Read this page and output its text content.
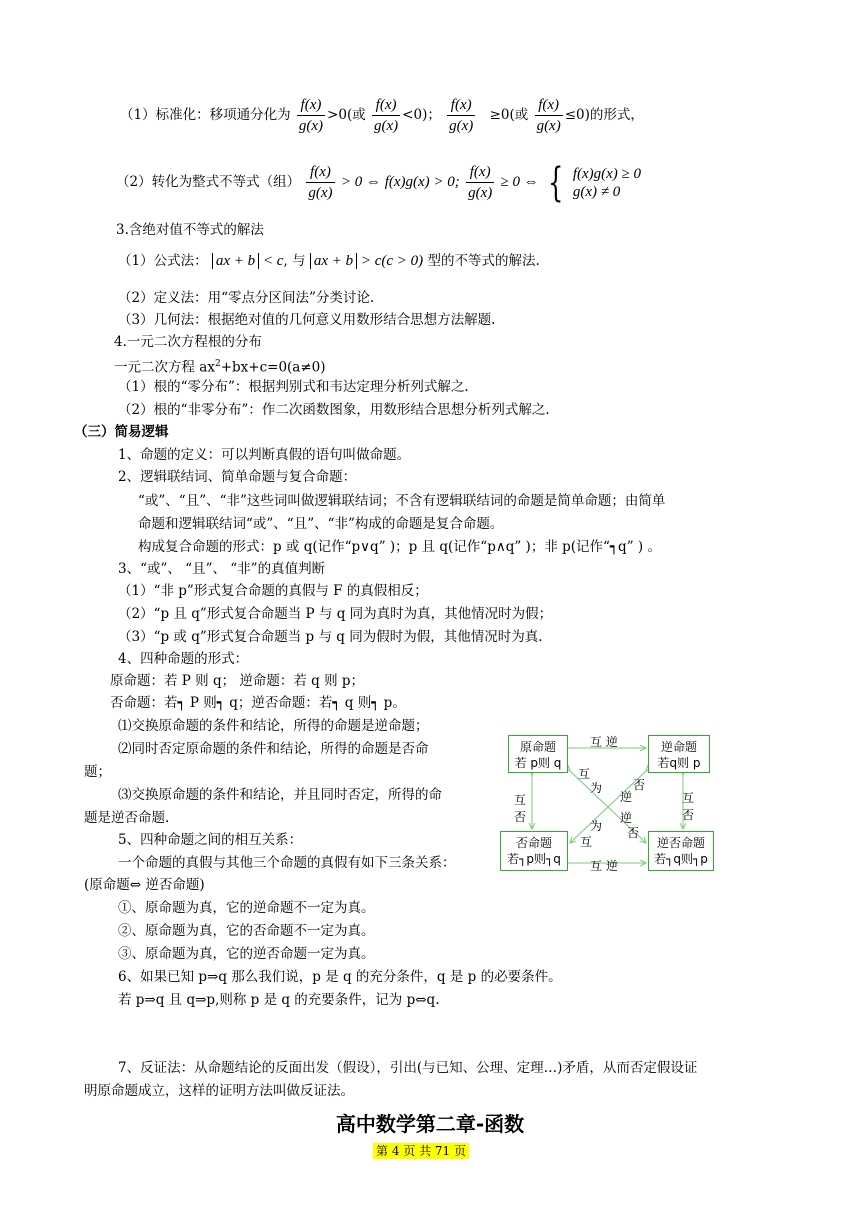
（1）标准化：移项通分化为 $\frac{f(x)}{g(x)} >0$(或 $\frac{f(x)}{g(x)} <0$)； $\frac{f(x)}{g(x)} \ge 0$(或 $\frac{f(x)}{g(x)} \le 0$)的形式，
（2）转化为整式不等式（组） $\frac{f(x)}{g(x)} > 0$ ⇔ f(x)g(x) > 0; $\frac{f(x)}{g(x)} \ge 0$ ⇔ { f(x)g(x) ≥ 0
g(x) ≠ 0
3.含绝对值不等式的解法
（1）公式法： ax + b < c, 与 ax + b > c(c > 0) 型的不等式的解法.
（2）定义法：用“零点分区间法”分类讨论.
（3）几何法：根据绝对值的几何意义用数形结合思想方法解题.
4.一元二次方程根的分布
一元二次方程 $ax^2+bx+c=0(a\ne 0)$
（1）根的“零分布”：根据判别式和韦达定理分析列式解之.
（2）根的“非零分布”：作二次函数图象，用数形结合思想分析列式解之.
（三）简易逻辑
1、命题的定义：可以判断真假的语句叫做命题。
2、逻辑联结词、简单命题与复合命题：
“或”、“且”、“非”这些词叫做逻辑联结词；不含有逻辑联结词的命题是简单命题；由简单
命题和逻辑联结词“或”、“且”、“非”构成的命题是复合命题。
构成复合命题的形式：p 或 q(记作“p∨q” )；p 且 q(记作“p∧q” )；非 p(记作“┑q” ) 。
3、“或”、 “且”、 “非”的真值判断
（1）“非 p”形式复合命题的真假与 F 的真假相反；
（2）“p 且 q”形式复合命题当 P 与 q 同为真时为真，其他情况时为假；
（3）“p 或 q”形式复合命题当 p 与 q 同为假时为假，其他情况时为真.
4、四种命题的形式：
原命题：若 P 则 q； 逆命题：若 q 则 p；
否命题：若┑ P 则┑ q；逆否命题：若┑ q 则┑ p。
⑴交换原命题的条件和结论，所得的命题是逆命题；
⑵同时否定原命题的条件和结论，所得的命题是否命
题；
⑶交换原命题的条件和结论，并且同时否定，所得的命
题是逆否命题.
5、四种命题之间的相互关系：
一个命题的真假与其他三个命题的真假有如下三条关系：
(原命题⇔ 逆否命题)
①、原命题为真，它的逆命题不一定为真。
②、原命题为真，它的否命题不一定为真。
③、原命题为真，它的逆否命题一定为真。
6、如果已知 p⇒q 那么我们说，p 是 q 的充分条件，q 是 p 的必要条件。
若 p⇒q 且 q⇒p,则称 p 是 q 的充要条件，记为 p⇔q.
7、反证法：从命题结论的反面出发（假设），引出(与已知、公理、定理…)矛盾，从而否定假设证
明原命题成立，这样的证明方法叫做反证法。
原命题
若 p则 q
逆命题
若q则 p
否命题
若┐p则┐q
逆否命题
若┐q则┐p
互 逆
互 逆
互
否
互
否
互
为
逆
否
为
互
逆
否
高中数学第二章-函数
第 4 页 共 71 页
